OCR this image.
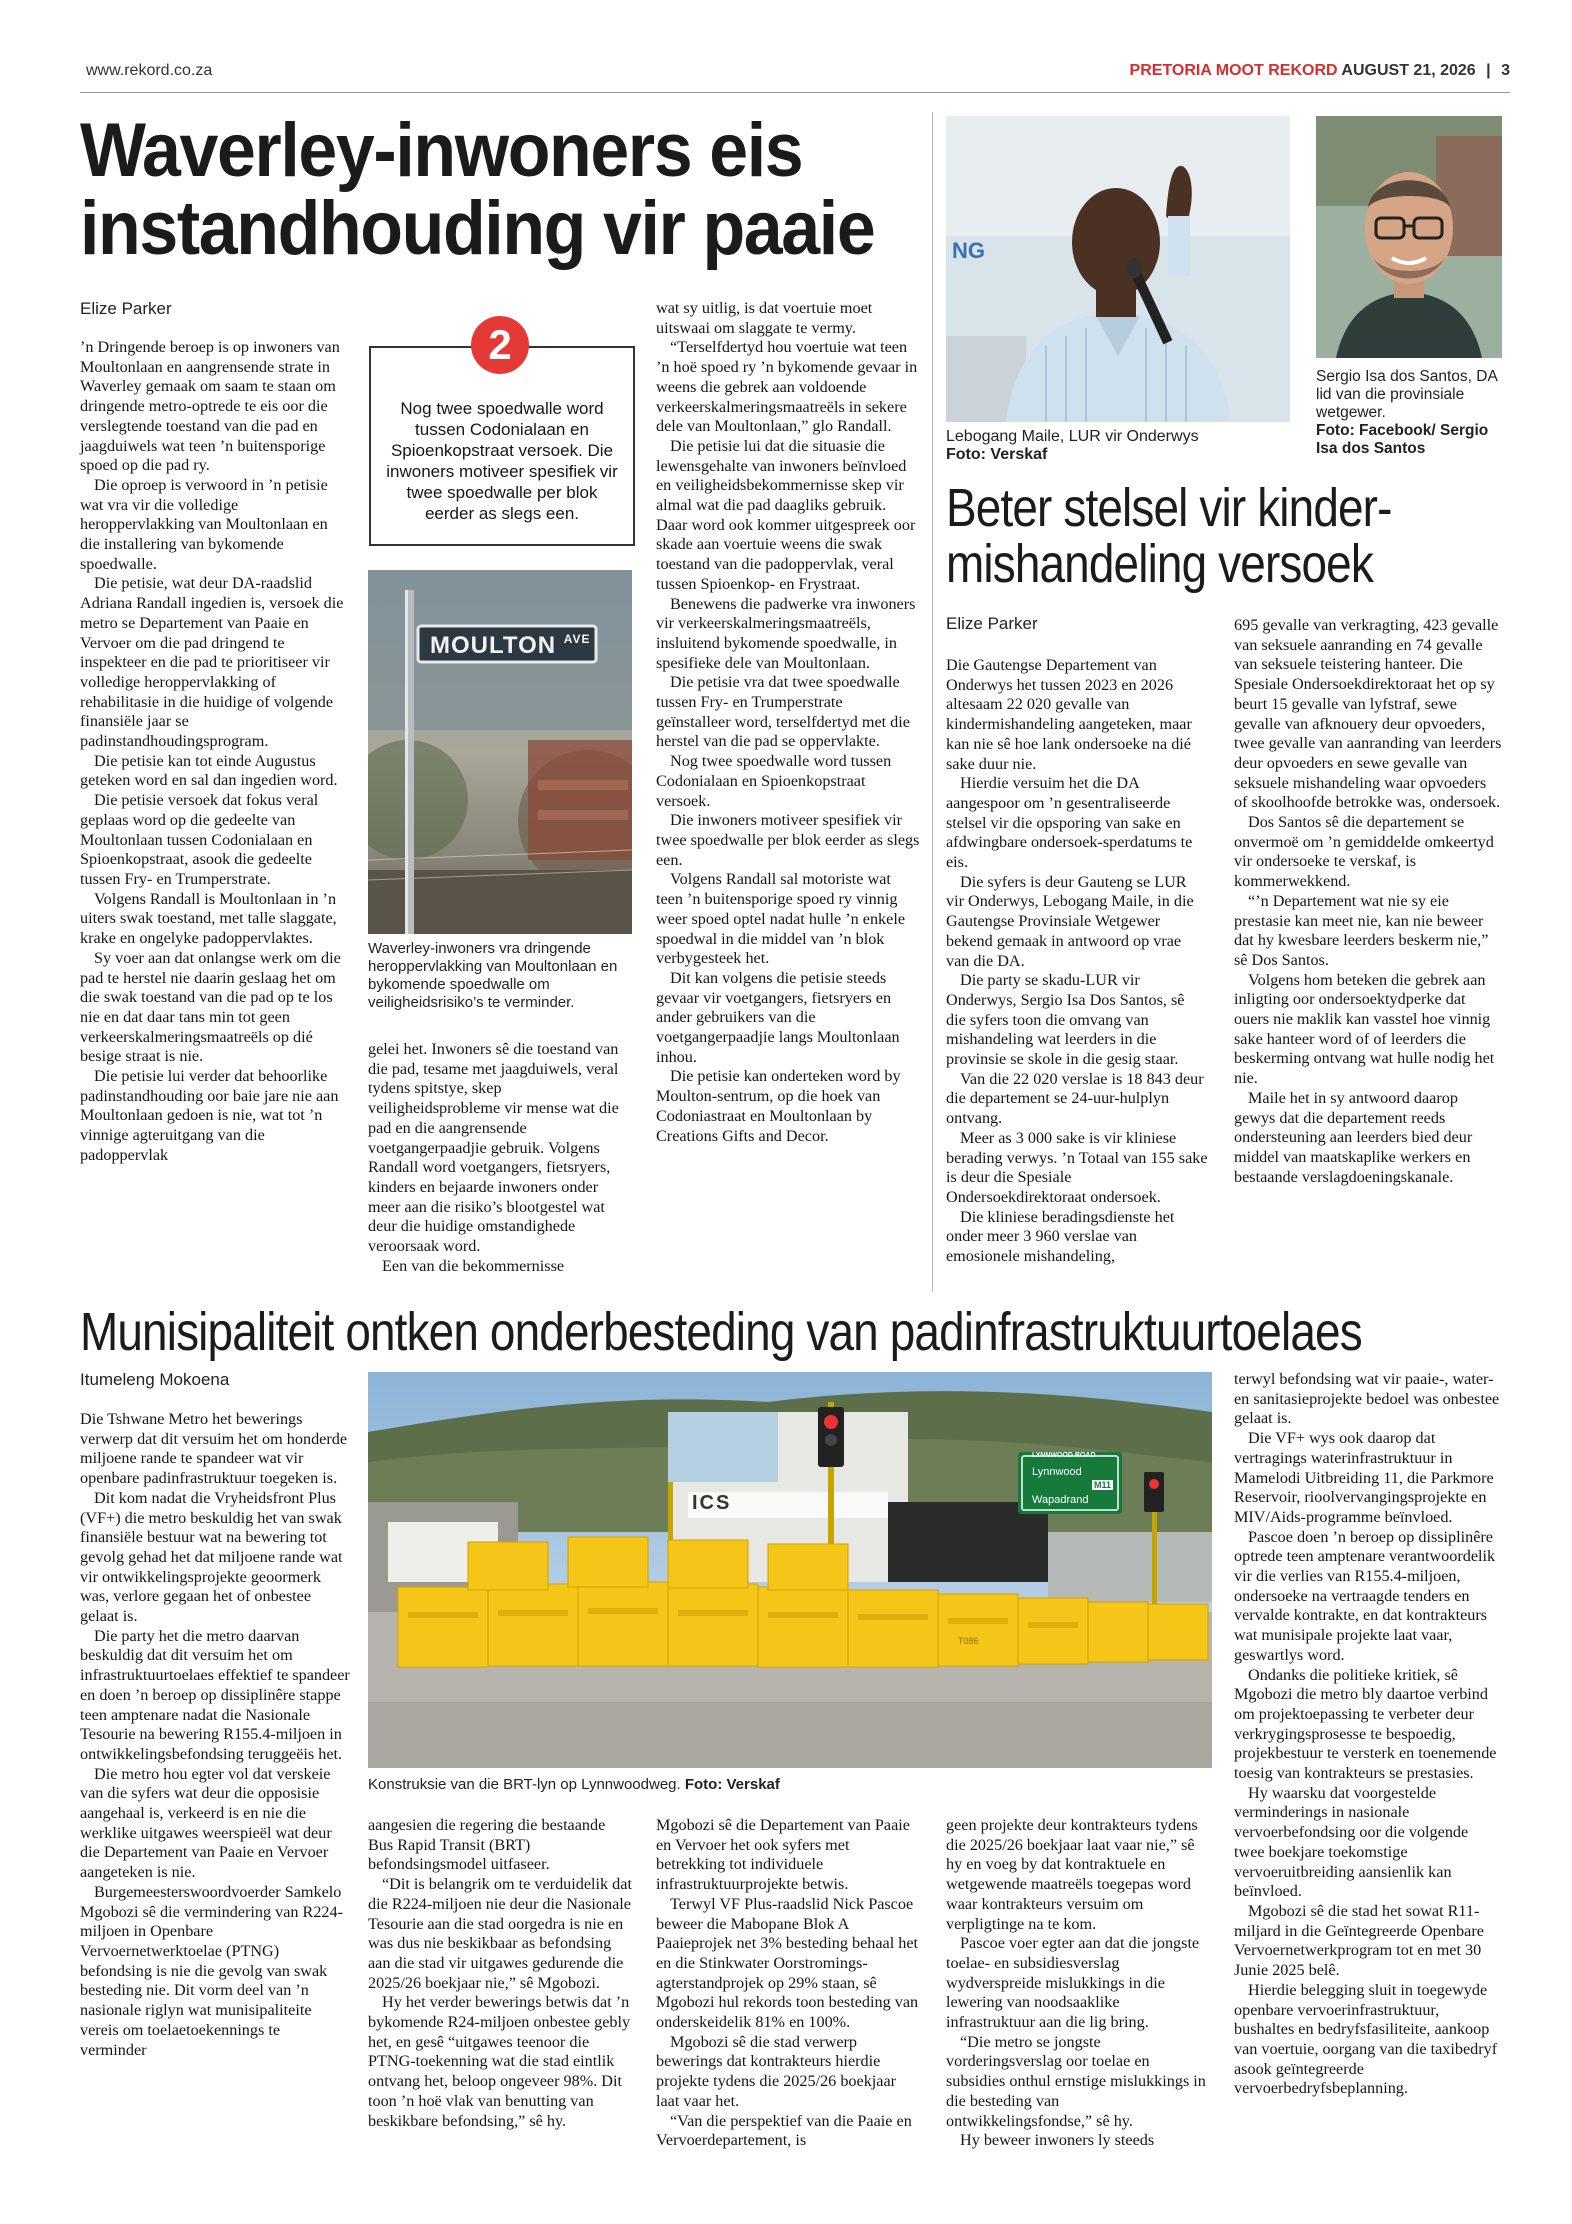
www.rekord.co.za	PRETORIA MOOT REKORD AUGUST 21, 2026 | 3
Waverley-inwoners eis
instandhouding vir paaie
Elize Parker

’n Dringende beroep is op inwoners van Moultonlaan en aangrensende strate in Waverley gemaak om saam te staan om dringende metro-optrede te eis oor die verslegtende toestand van die pad en jaagduiwels wat teen ’n buitensporige spoed op die pad ry.

Die oproep is verwoord in ’n petisie wat vra vir die volledige heroppervlakking van Moultonlaan en die installering van bykomende spoedwalle.

Die petisie, wat deur DA-raadslid Adriana Randall ingedien is, versoek die metro se Departement van Paaie en Vervoer om die pad dringend te inspekteer en die pad te prioritiseer vir volledige heroppervlakking of rehabilitasie in die huidige of volgende finansiële jaar se padinstandhoudingsprogram.

Die petisie kan tot einde Augustus geteken word en sal dan ingedien word.

Die petisie versoek dat fokus veral geplaas word op die gedeelte van Moultonlaan tussen Codonialaan en Spioenkopstraat, asook die gedeelte tussen Fry- en Trumperstrate.

Volgens Randall is Moultonlaan in ’n uiters swak toestand, met talle slaggate, krake en ongelyke padoppervlaktes.

Sy voer aan dat onlangse werk om die pad te herstel nie daarin geslaag het om die swak toestand van die pad op te los nie en dat daar tans min tot geen verkeerskalmeringsmaatreëls op dié besige straat is nie.

Die petisie lui verder dat behoorlike padinstandhouding oor baie jare nie aan Moultonlaan gedoen is nie, wat tot ’n vinnige agteruitgang van die padoppervlak

Nog twee spoedwalle word tussen Codonialaan en Spioenkopstraat versoek. Die inwoners motiveer spesifiek vir twee spoedwalle per blok eerder as slegs een.
2
MOULTON $^{AVE}$
Waverley-inwoners vra dringende heroppervlakking van Moultonlaan en bykomende spoedwalle om veiligheidsrisiko’s te verminder.

gelei het. Inwoners sê die toestand van die pad, tesame met jaagduiwels, veral tydens spitstye, skep veiligheidsprobleme vir mense wat die pad en die aangrensende voetgangerpaadjie gebruik. Volgens Randall word voetgangers, fietsryers, kinders en bejaarde inwoners onder meer aan die risiko’s blootgestel wat deur die huidige omstandighede veroorsaak word.

Een van die bekommernisse

wat sy uitlig, is dat voertuie moet uitswaai om slaggate te vermy.

“Terselfdertyd hou voertuie wat teen ’n hoë spoed ry ’n bykomende gevaar in weens die gebrek aan voldoende verkeerskalmeringsmaatreëls in sekere dele van Moultonlaan,” glo Randall.

Die petisie lui dat die situasie die lewensgehalte van inwoners beïnvloed en veiligheidsbekommernisse skep vir almal wat die pad daagliks gebruik. Daar word ook kommer uitgespreek oor skade aan voertuie weens die swak toestand van die padoppervlak, veral tussen Spioenkop- en Frystraat.

Benewens die padwerke vra inwoners vir verkeerskalmeringsmaatreëls, insluitend bykomende spoedwalle, in spesifieke dele van Moultonlaan.

Die petisie vra dat twee spoedwalle tussen Fry- en Trumperstrate geïnstalleer word, terselfdertyd met die herstel van die pad se oppervlakte.

Nog twee spoedwalle word tussen Codonialaan en Spioenkopstraat versoek.

Die inwoners motiveer spesifiek vir twee spoedwalle per blok eerder as slegs een.

Volgens Randall sal motoriste wat teen ’n buitensporige spoed ry vinnig weer spoed optel nadat hulle ’n enkele spoedwal in die middel van ’n blok verbygesteek het.

Dit kan volgens die petisie steeds gevaar vir voetgangers, fietsryers en ander gebruikers van die voetgangerpaadjie langs Moultonlaan inhou.

Die petisie kan onderteken word by Moulton-sentrum, op die hoek van Codoniastraat en Moultonlaan by Creations Gifts and Decor.

NG
Lebogang Maile, LUR vir Onderwys
Foto: Verskaf
Sergio Isa dos Santos, DA lid van die provinsiale wetgewer.
Foto: Facebook/ Sergio Isa dos Santos
Beter stelsel vir kinder-
mishandeling versoek
Elize Parker

Die Gautengse Departement van Onderwys het tussen 2023 en 2026 altesaam 22 020 gevalle van kindermishandeling aangeteken, maar kan nie sê hoe lank ondersoeke na dié sake duur nie.

Hierdie versuim het die DA aangespoor om ’n gesentraliseerde stelsel vir die opsporing van sake en afdwingbare ondersoek-sperdatums te eis.

Die syfers is deur Gauteng se LUR vir Onderwys, Lebogang Maile, in die Gautengse Provinsiale Wetgewer bekend gemaak in antwoord op vrae van die DA.

Die party se skadu-LUR vir Onderwys, Sergio Isa Dos Santos, sê die syfers toon die omvang van mishandeling wat leerders in die provinsie se skole in die gesig staar.

Van die 22 020 verslae is 18 843 deur die departement se 24-uur-hulplyn ontvang.

Meer as 3 000 sake is vir kliniese berading verwys. ’n Totaal van 155 sake is deur die Spesiale Ondersoekdirektoraat ondersoek.

Die kliniese beradingsdienste het onder meer 3 960 verslae van emosionele mishandeling,

695 gevalle van verkragting, 423 gevalle van seksuele aanranding en 74 gevalle van seksuele teistering hanteer. Die Spesiale Ondersoekdirektoraat het op sy beurt 15 gevalle van lyfstraf, sewe gevalle van afknouery deur opvoeders, twee gevalle van aanranding van leerders deur opvoeders en sewe gevalle van seksuele mishandeling waar opvoeders of skoolhoofde betrokke was, ondersoek.

Dos Santos sê die departement se onvermoë om ’n gemiddelde omkeertyd vir ondersoeke te verskaf, is kommerwekkend.

“’n Departement wat nie sy eie prestasie kan meet nie, kan nie beweer dat hy kwesbare leerders beskerm nie,” sê Dos Santos.

Volgens hom beteken die gebrek aan inligting oor ondersoektydperke dat ouers nie maklik kan vasstel hoe vinnig sake hanteer word of of leerders die beskerming ontvang wat hulle nodig het nie.

Maile het in sy antwoord daarop gewys dat die departement reeds ondersteuning aan leerders bied deur middel van maatskaplike werkers en bestaande verslagdoeningskanale.

Munisipaliteit ontken onderbesteding van padinfrastruktuurtoelaes
Itumeleng Mokoena

Die Tshwane Metro het bewerings verwerp dat dit versuim het om honderde miljoene rande te spandeer wat vir openbare padinfrastruktuur toegeken is.

Dit kom nadat die Vryheidsfront Plus (VF+) die metro beskuldig het van swak finansiële bestuur wat na bewering tot gevolg gehad het dat miljoene rande wat vir ontwikkelingsprojekte geoormerk was, verlore gegaan het of onbestee gelaat is.

Die party het die metro daarvan beskuldig dat dit versuim het om infrastruktuurtoelaes effektief te spandeer en doen ’n beroep op dissiplinêre stappe teen amptenare nadat die Nasionale Tesourie na bewering R155.4-miljoen in ontwikkelingsbefondsing teruggeëis het.

Die metro hou egter vol dat verskeie van die syfers wat deur die opposisie aangehaal is, verkeerd is en nie die werklike uitgawes weerspieël wat deur die Departement van Paaie en Vervoer aangeteken is nie.

Burgemeesterswoordvoerder Samkelo Mgobozi sê die vermindering van R224-miljoen in Openbare Vervoernetwerktoelae (PTNG) befondsing is nie die gevolg van swak besteding nie. Dit vorm deel van ’n nasionale riglyn wat munisipaliteite vereis om toelaetoekennings te verminder

LYNNWOOD ROAD
Lynnwood
M11
Wapadrand
ICS
T086
Konstruksie van die BRT-lyn op Lynnwoodweg. Foto: Verskaf

aangesien die regering die bestaande Bus Rapid Transit (BRT) befondsingsmodel uitfaseer.

“Dit is belangrik om te verduidelik dat die R224-miljoen nie deur die Nasionale Tesourie aan die stad oorgedra is nie en was dus nie beskikbaar as befondsing aan die stad vir uitgawes gedurende die 2025/26 boekjaar nie,” sê Mgobozi.

Hy het verder bewerings betwis dat ’n bykomende R24-miljoen onbestee gebly het, en gesê “uitgawes teenoor die PTNG-toekenning wat die stad eintlik ontvang het, beloop ongeveer 98%. Dit toon ’n hoë vlak van benutting van beskikbare befondsing,” sê hy.

Mgobozi sê die Departement van Paaie en Vervoer het ook syfers met betrekking tot individuele infrastruktuurprojekte betwis.

Terwyl VF Plus-raadslid Nick Pascoe beweer die Mabopane Blok A Paaieprojek net 3% besteding behaal het en die Stinkwater Oorstromings-agterstandprojek op 29% staan, sê Mgobozi hul rekords toon besteding van onderskeidelik 81% en 100%.

Mgobozi sê die stad verwerp bewerings dat kontrakteurs hierdie projekte tydens die 2025/26 boekjaar laat vaar het.

“Van die perspektief van die Paaie en Vervoerdepartement, is

geen projekte deur kontrakteurs tydens die 2025/26 boekjaar laat vaar nie,” sê hy en voeg by dat kontraktuele en wetgewende maatreëls toegepas word waar kontrakteurs versuim om verpligtinge na te kom.

Pascoe voer egter aan dat die jongste toelae- en subsidiesverslag wydverspreide mislukkings in die lewering van noodsaaklike infrastruktuur aan die lig bring.

“Die metro se jongste vorderingsverslag oor toelae en subsidies onthul ernstige mislukkings in die besteding van ontwikkelingsfondse,” sê hy.

Hy beweer inwoners ly steeds

terwyl befondsing wat vir paaie-, water- en sanitasieprojekte bedoel was onbestee gelaat is.

Die VF+ wys ook daarop dat vertragings waterinfrastruktuur in Mamelodi Uitbreiding 11, die Parkmore Reservoir, rioolvervangingsprojekte en MIV/Aids-programme beïnvloed.

Pascoe doen ’n beroep op dissiplinêre optrede teen amptenare verantwoordelik vir die verlies van R155.4-miljoen, ondersoeke na vertraagde tenders en vervalde kontrakte, en dat kontrakteurs wat munisipale projekte laat vaar, geswartlys word.

Ondanks die politieke kritiek, sê Mgobozi die metro bly daartoe verbind om projektoepassing te verbeter deur verkrygingsprosesse te bespoedig, projekbestuur te versterk en toenemende toesig van kontrakteurs se prestasies.

Hy waarsku dat voorgestelde verminderings in nasionale vervoerbefondsing oor die volgende twee boekjare toekomstige vervoeruitbreiding aansienlik kan beïnvloed.

Mgobozi sê die stad het sowat R11-miljard in die Geïntegreerde Openbare Vervoernetwerkprogram tot en met 30 Junie 2025 belê.

Hierdie belegging sluit in toegewyde openbare vervoerinfrastruktuur, bushaltes en bedryfsfasiliteite, aankoop van voertuie, oorgang van die taxibedryf asook geïntegreerde vervoerbedryfsbeplanning.
